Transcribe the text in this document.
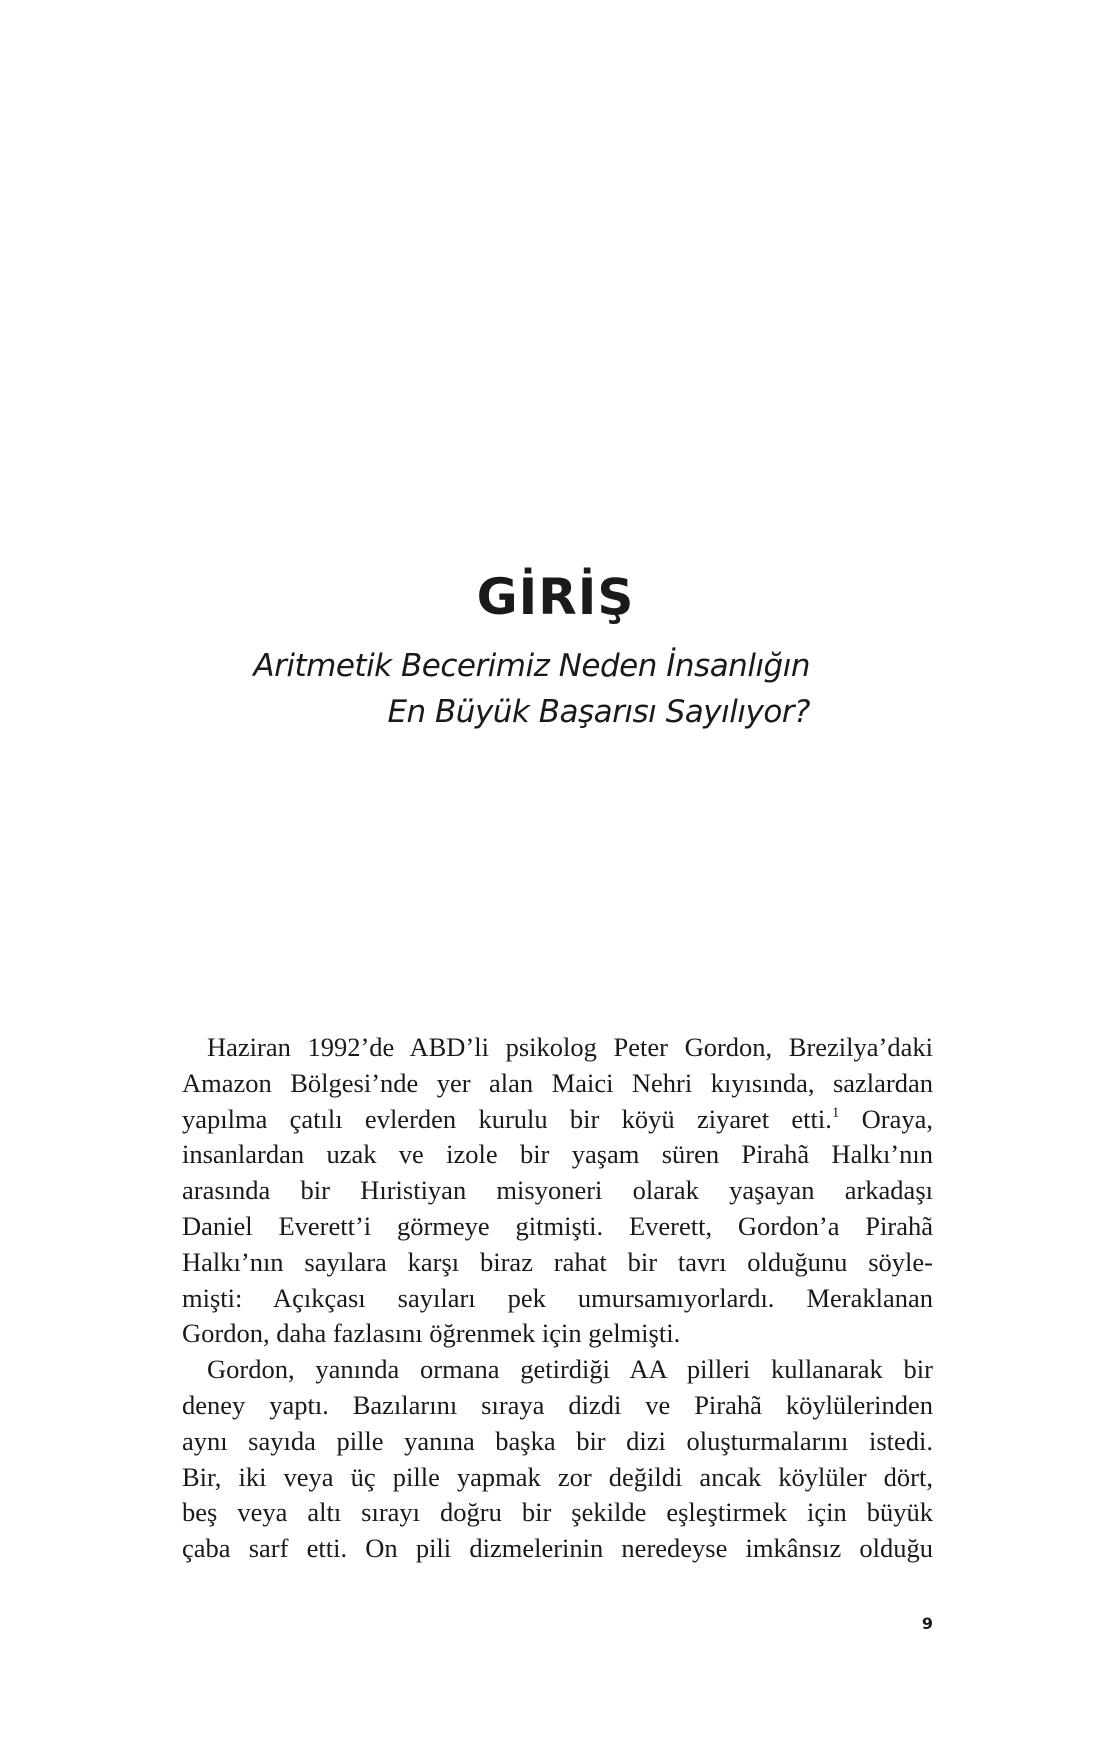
GİRİŞ
Aritmetik Becerimiz Neden İnsanlığın
En Büyük Başarısı Sayılıyor?
Haziran 1992’de ABD’li psikolog Peter Gordon, Brezilya’daki
Amazon Bölgesi’nde yer alan Maici Nehri kıyısında, sazlardan
yapılma çatılı evlerden kurulu bir köyü ziyaret etti.$^1$ Oraya,
insanlardan uzak ve izole bir yaşam süren Pirahã Halkı’nın
arasında bir Hıristiyan misyoneri olarak yaşayan arkadaşı
Daniel Everett’i görmeye gitmişti. Everett, Gordon’a Pirahã
Halkı’nın sayılara karşı biraz rahat bir tavrı olduğunu söyle-
mişti: Açıkçası sayıları pek umursamıyorlardı. Meraklanan
Gordon, daha fazlasını öğrenmek için gelmişti.
Gordon, yanında ormana getirdiği AA pilleri kullanarak bir
deney yaptı. Bazılarını sıraya dizdi ve Pirahã köylülerinden
aynı sayıda pille yanına başka bir dizi oluşturmalarını istedi.
Bir, iki veya üç pille yapmak zor değildi ancak köylüler dört,
beş veya altı sırayı doğru bir şekilde eşleştirmek için büyük
çaba sarf etti. On pili dizmelerinin neredeyse imkânsız olduğu
9
